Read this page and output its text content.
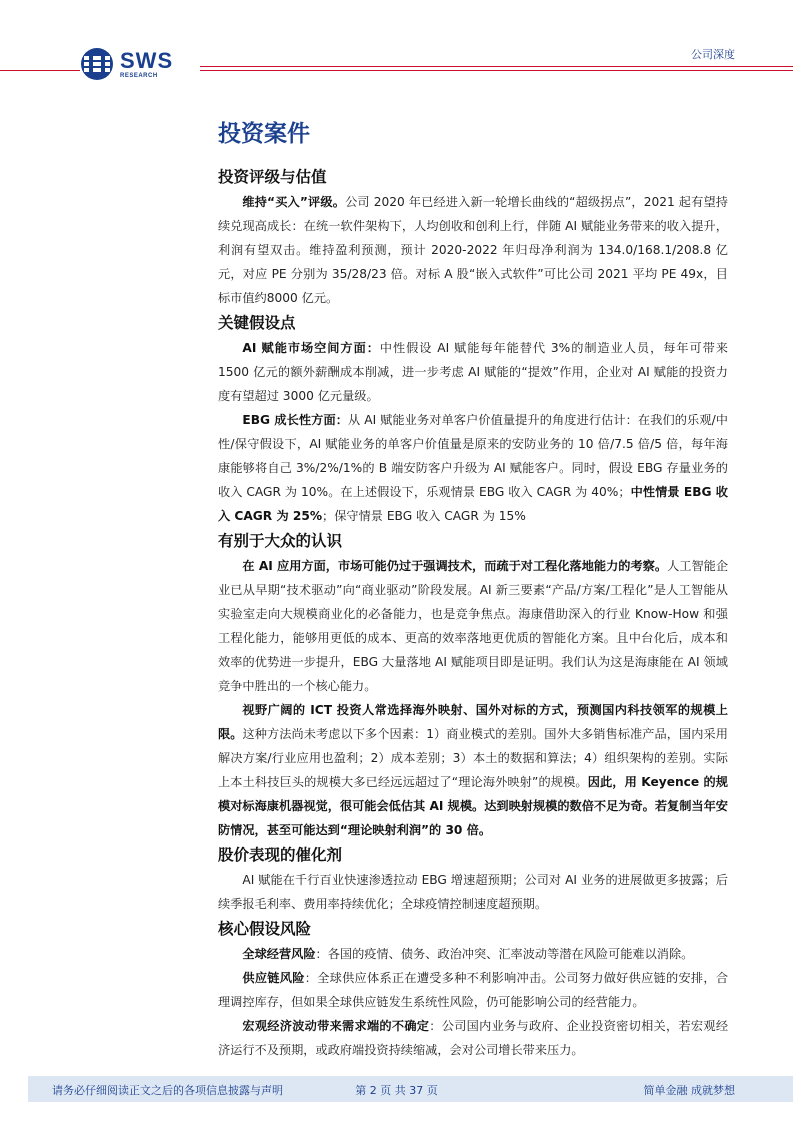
SWS
RESEARCH
公司深度
投资案件
投资评级与估值

维持“买入”评级。公司 2020 年已经进入新一轮增长曲线的“超级拐点”，2021 起有望持续兑现高成长：在统一软件架构下，人均创收和创利上行，伴随 AI 赋能业务带来的收入提升，利润有望双击。维持盈利预测，预计 2020-2022 年归母净利润为 134.0/168.1/208.8 亿元，对应 PE 分别为 35/28/23 倍。对标 A 股“嵌入式软件”可比公司 2021 平均 PE 49x，目标市值约8000 亿元。

关键假设点

AI 赋能市场空间方面：中性假设 AI 赋能每年能替代 3%的制造业人员，每年可带来 1500 亿元的额外薪酬成本削减，进一步考虑 AI 赋能的“提效”作用，企业对 AI 赋能的投资力度有望超过 3000 亿元量级。

EBG 成长性方面：从 AI 赋能业务对单客户价值量提升的角度进行估计：在我们的乐观/中性/保守假设下，AI 赋能业务的单客户价值量是原来的安防业务的 10 倍/7.5 倍/5 倍，每年海康能够将自己 3%/2%/1%的 B 端安防客户升级为 AI 赋能客户。同时，假设 EBG 存量业务的收入 CAGR 为 10%。在上述假设下，乐观情景 EBG 收入 CAGR 为 40%；中性情景 EBG 收入 CAGR 为 25%；保守情景 EBG 收入 CAGR 为 15%

有别于大众的认识

在 AI 应用方面，市场可能仍过于强调技术，而疏于对工程化落地能力的考察。人工智能企业已从早期“技术驱动”向“商业驱动”阶段发展。AI 新三要素“产品/方案/工程化”是人工智能从实验室走向大规模商业化的必备能力，也是竞争焦点。海康借助深入的行业 Know-How 和强工程化能力，能够用更低的成本、更高的效率落地更优质的智能化方案。且中台化后，成本和效率的优势进一步提升，EBG 大量落地 AI 赋能项目即是证明。我们认为这是海康能在 AI 领域竞争中胜出的一个核心能力。

视野广阔的 ICT 投资人常选择海外映射、国外对标的方式，预测国内科技领军的规模上限。这种方法尚未考虑以下多个因素：1）商业模式的差别。国外大多销售标准产品，国内采用解决方案/行业应用也盈利；2）成本差别；3）本土的数据和算法；4）组织架构的差别。实际上本土科技巨头的规模大多已经远远超过了“理论海外映射”的规模。因此，用 Keyence 的规模对标海康机器视觉，很可能会低估其 AI 规模。达到映射规模的数倍不足为奇。若复制当年安防情况，甚至可能达到“理论映射利润”的 30 倍。

股价表现的催化剂

AI 赋能在千行百业快速渗透拉动 EBG 增速超预期；公司对 AI 业务的进展做更多披露；后续季报毛利率、费用率持续优化；全球疫情控制速度超预期。

核心假设风险

全球经营风险：各国的疫情、债务、政治冲突、汇率波动等潜在风险可能难以消除。

供应链风险：全球供应体系正在遭受多种不利影响冲击。公司努力做好供应链的安排，合理调控库存，但如果全球供应链发生系统性风险，仍可能影响公司的经营能力。

宏观经济波动带来需求端的不确定：公司国内业务与政府、企业投资密切相关，若宏观经济运行不及预期，或政府端投资持续缩减，会对公司增长带来压力。

请务必仔细阅读正文之后的各项信息披露与声明	第 2 页 共 37 页	简单金融 成就梦想
